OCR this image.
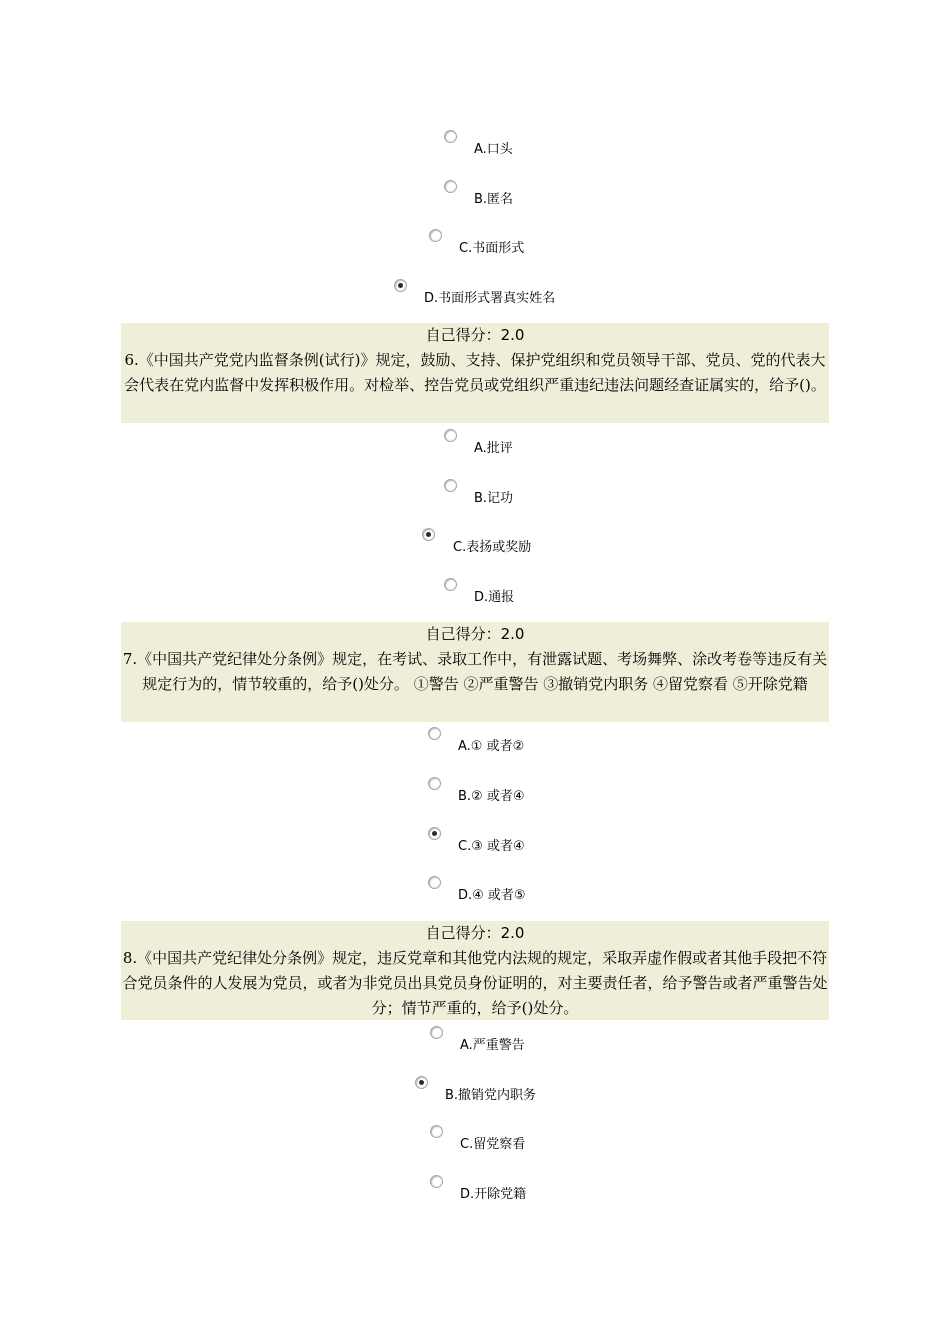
A.口头
B.匿名
C.书面形式
D.书面形式署真实姓名
自己得分：2.0
6.《中国共产党党内监督条例(试行)》规定，鼓励、支持、保护党组织和党员领导干部、党员、党的代表大会代表在党内监督中发挥积极作用。对检举、控告党员或党组织严重违纪违法问题经查证属实的，给予()。
A.批评
B.记功
C.表扬或奖励
D.通报
自己得分：2.0
7.《中国共产党纪律处分条例》规定，在考试、录取工作中，有泄露试题、考场舞弊、涂改考卷等违反有关规定行为的，情节较重的，给予()处分。 ①警告 ②严重警告 ③撤销党内职务 ④留党察看 ⑤开除党籍
A.① 或者②
B.② 或者④
C.③ 或者④
D.④ 或者⑤
自己得分：2.0
8.《中国共产党纪律处分条例》规定，违反党章和其他党内法规的规定，采取弄虚作假或者其他手段把不符合党员条件的人发展为党员，或者为非党员出具党员身份证明的，对主要责任者，给予警告或者严重警告处分；情节严重的，给予()处分。
A.严重警告
B.撤销党内职务
C.留党察看
D.开除党籍
